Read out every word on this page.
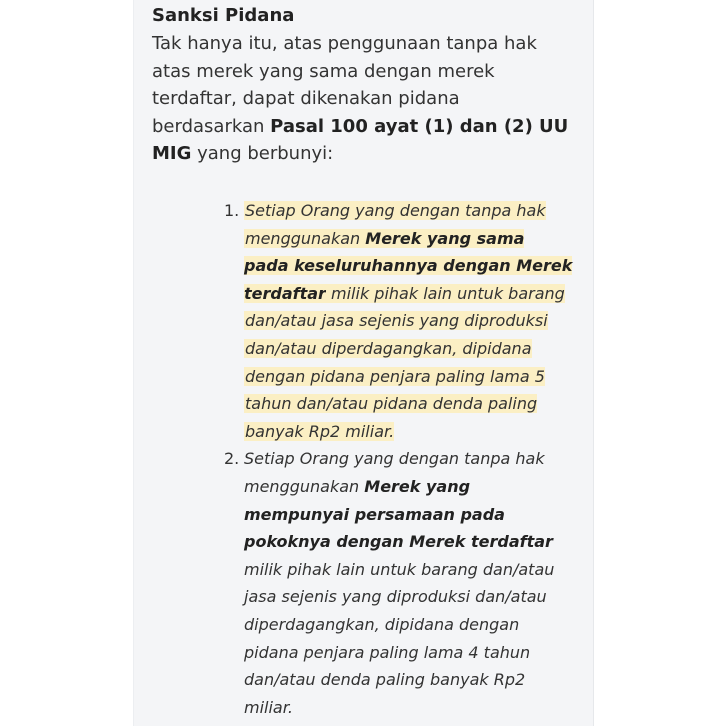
Sanksi Pidana
Tak hanya itu, atas penggunaan tanpa hak
atas merek yang sama dengan merek
terdaftar, dapat dikenakan pidana
berdasarkan Pasal 100 ayat (1) dan (2) UU
MIG yang berbunyi:
1. Setiap Orang yang dengan tanpa hak
menggunakan Merek yang sama
pada keseluruhannya dengan Merek
terdaftar milik pihak lain untuk barang
dan/atau jasa sejenis yang diproduksi
dan/atau diperdagangkan, dipidana
dengan pidana penjara paling lama 5
tahun dan/atau pidana denda paling
banyak Rp2 miliar.
2. Setiap Orang yang dengan tanpa hak
menggunakan Merek yang
mempunyai persamaan pada
pokoknya dengan Merek terdaftar
milik pihak lain untuk barang dan/atau
jasa sejenis yang diproduksi dan/atau
diperdagangkan, dipidana dengan
pidana penjara paling lama 4 tahun
dan/atau denda paling banyak Rp2
miliar.
